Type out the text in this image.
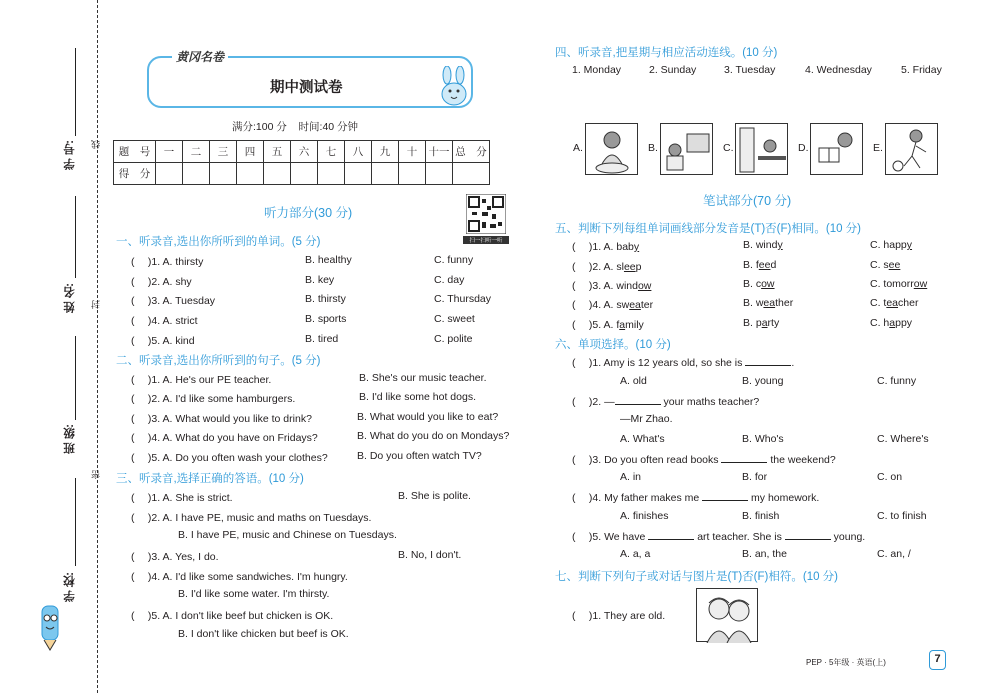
学 号:
姓 名:
班 级:
学 校:
线
封
密
黄冈名卷
期中测试卷
满分:100 分    时间:40 分钟
题　号	一	二	三	四	五	六	七	八	九	十	十一	总　分
得　分												
扫一扫听一听
听力部分(30 分)
一、听录音,选出你所听到的单词。(5 分)
( 　)1. A. thirsty	B. healthy	C. funny
( 　)2. A. shy	B. key	C. day
( 　)3. A. Tuesday	B. thirsty	C. Thursday
( 　)4. A. strict	B. sports	C. sweet
( 　)5. A. kind	B. tired	C. polite
二、听录音,选出你所听到的句子。(5 分)
( 　)1. A. He's our PE teacher.	B. She's our music teacher.
( 　)2. A. I'd like some hamburgers.	B. I'd like some hot dogs.
( 　)3. A. What would you like to drink?	B. What would you like to eat?
( 　)4. A. What do you have on Fridays?	B. What do you do on Mondays?
( 　)5. A. Do you often wash your clothes?	B. Do you often watch TV?
三、听录音,选择正确的答语。(10 分)
( 　)1. A. She is strict.	B. She is polite.
( 　)2. A. I have PE, music and maths on Tuesdays.
B. I have PE, music and Chinese on Tuesdays.
( 　)3. A. Yes, I do.	B. No, I don't.
( 　)4. A. I'd like some sandwiches. I'm hungry.
B. I'd like some water. I'm thirsty.
( 　)5. A. I don't like beef but chicken is OK.
B. I don't like chicken but beef is OK.
四、听录音,把星期与相应活动连线。(10 分)
1. Monday	2. Sunday	3. Tuesday	4. Wednesday	5. Friday
A.	B.	C.	D.	E.
笔试部分(70 分)
五、判断下列每组单词画线部分发音是(T)否(F)相同。(10 分)
( 　)1. A. baby	B. windy	C. happy
( 　)2. A. sleep	B. feed	C. see
( 　)3. A. window	B. cow	C. tomorrow
( 　)4. A. sweater	B. weather	C. teacher
( 　)5. A. family	B. party	C. happy
六、单项选择。(10 分)
( 　)1. Amy is 12 years old, so she is	.
A. old	B. young	C. funny
( 　)2. —	your maths teacher?
—Mr Zhao.
A. What's	B. Who's	C. Where's
( 　)3. Do you often read books	the weekend?
A. in	B. for	C. on
( 　)4. My father makes me	my homework.
A. finishes	B. finish	C. to finish
( 　)5. We have	art teacher. She is	young.
A. a, a	B. an, the	C. an, /
七、判断下列句子或对话与图片是(T)否(F)相符。(10 分)
( 　)1. They are old.
PEP · 5年级 · 英语(上)	7
